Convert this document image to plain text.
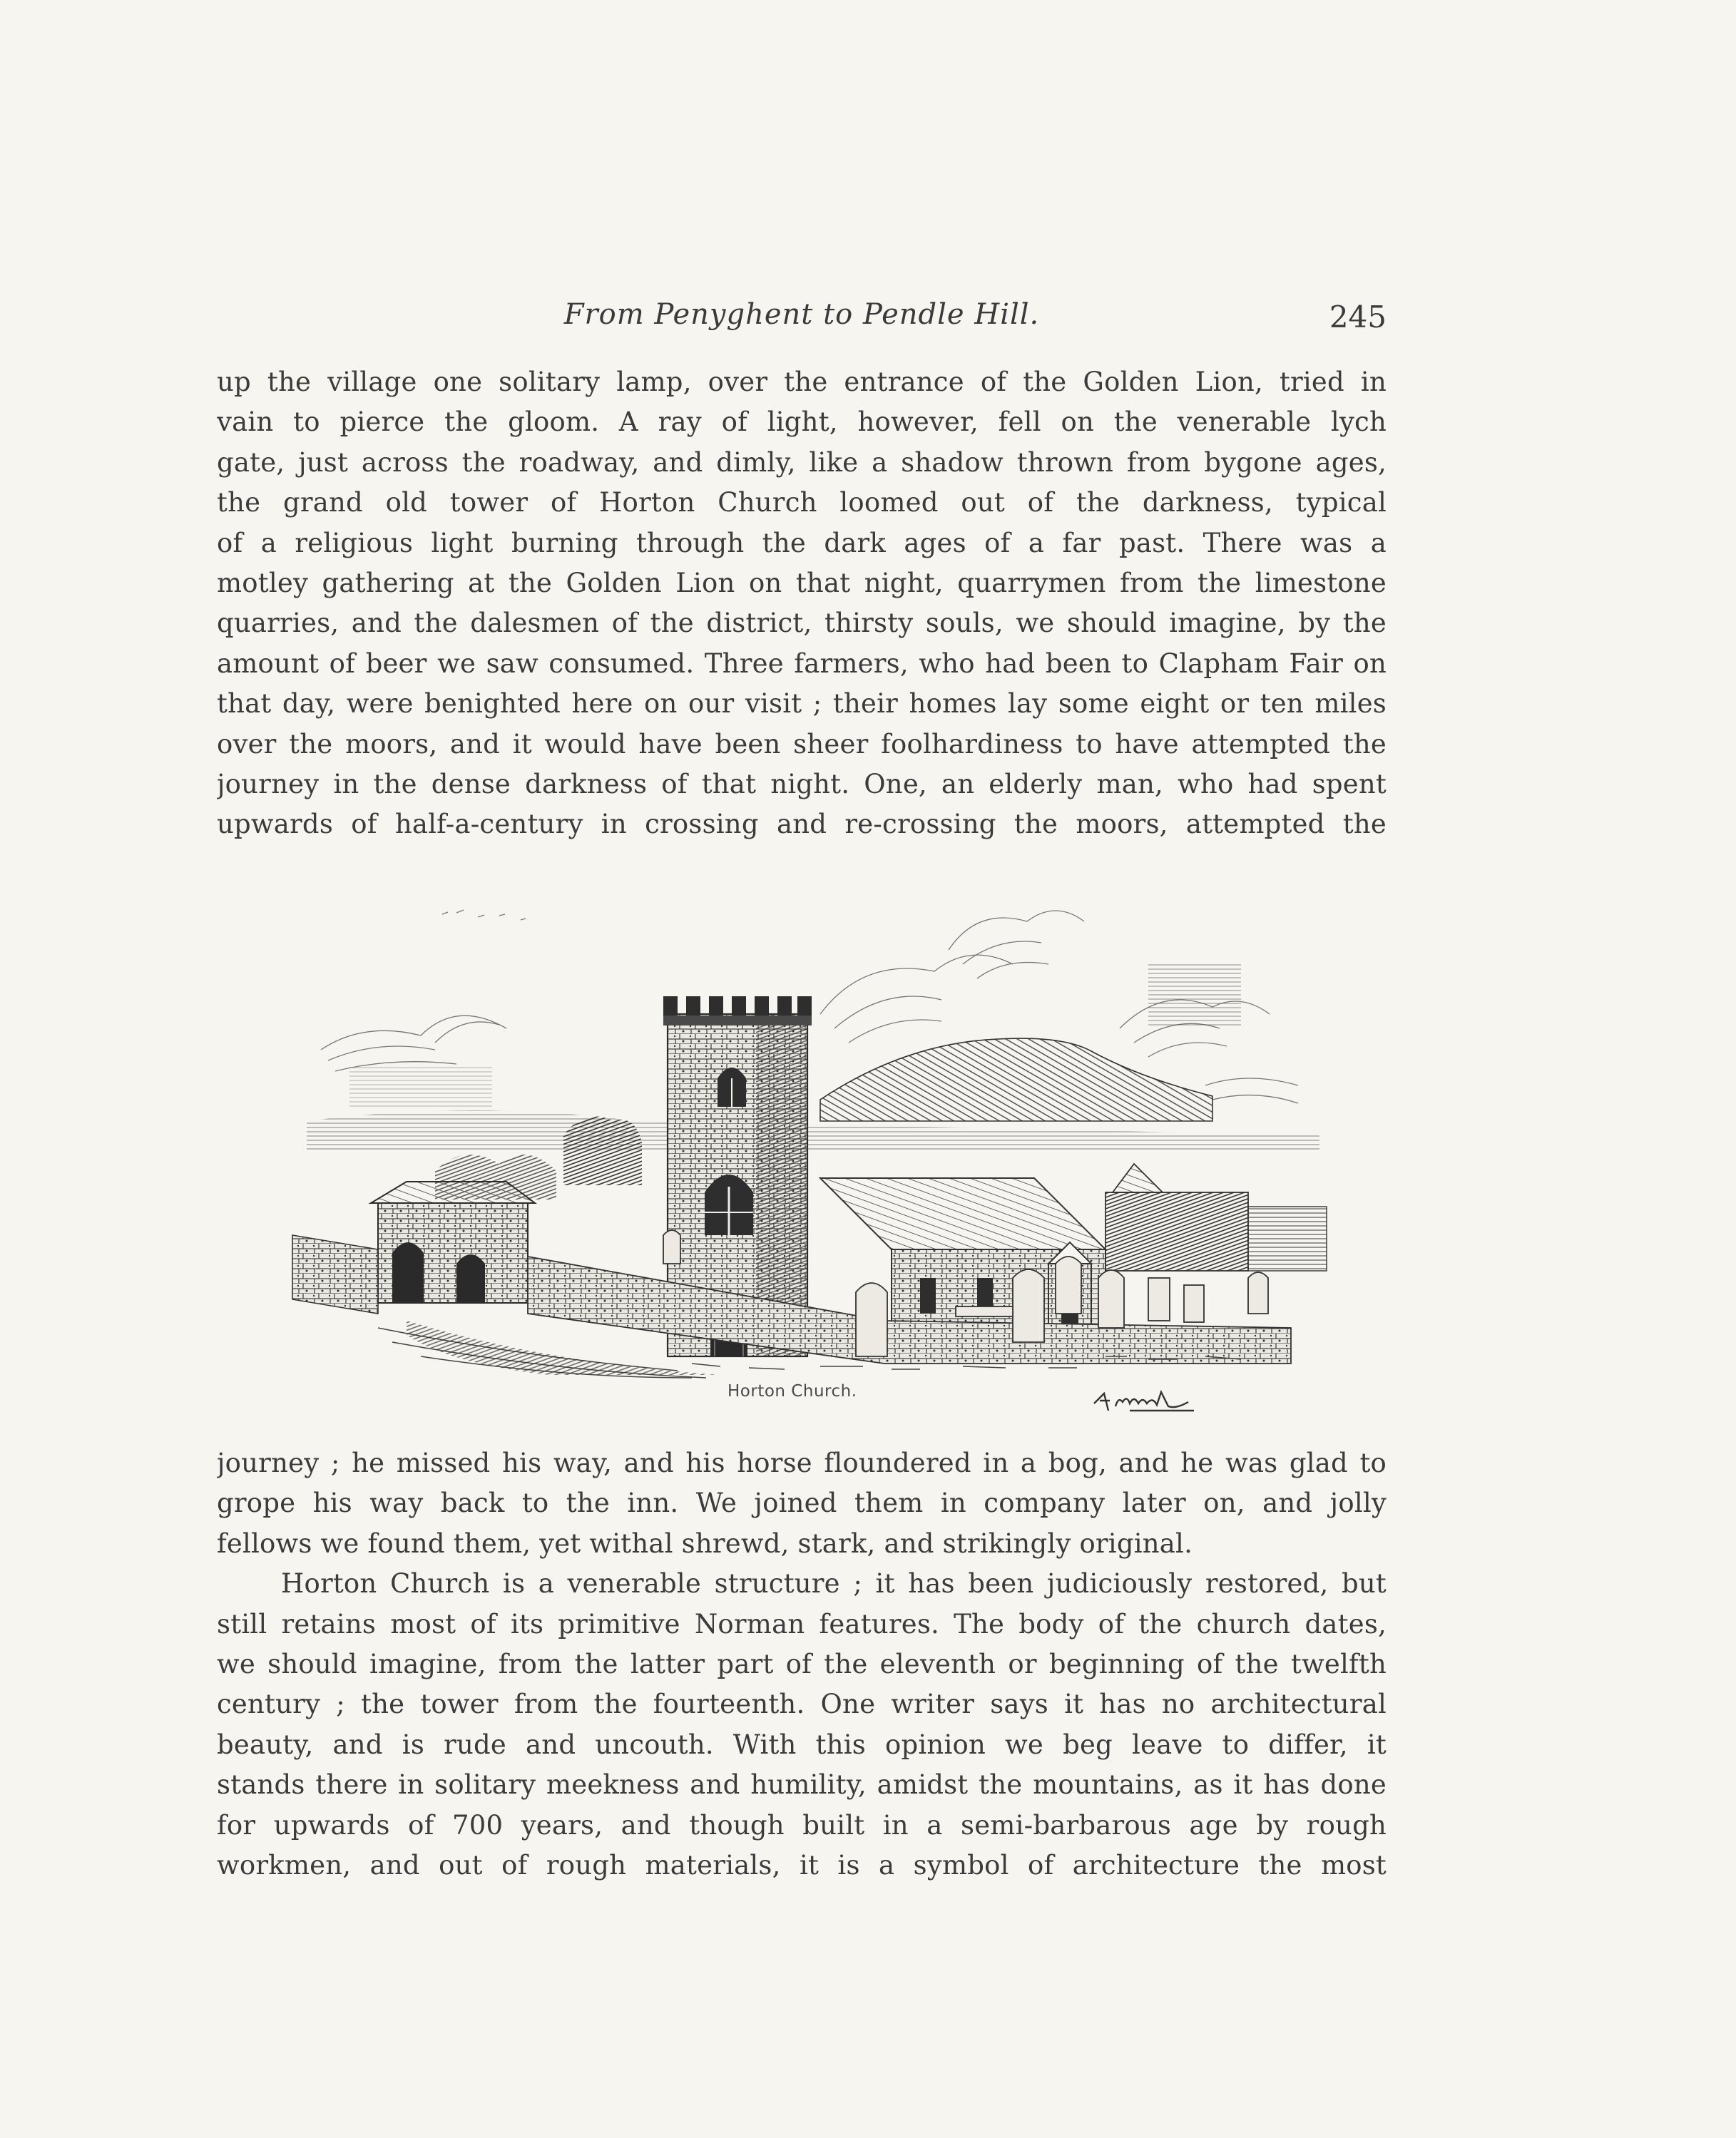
From Penyghent to Pendle Hill.	245
up the village one solitary lamp, over the entrance of the Golden Lion, tried in
vain to pierce the gloom. A ray of light, however, fell on the venerable lych
gate, just across the roadway, and dimly, like a shadow thrown from bygone ages,
the grand old tower of Horton Church loomed out of the darkness, typical
of a religious light burning through the dark ages of a far past. There was a
motley gathering at the Golden Lion on that night, quarrymen from the limestone
quarries, and the dalesmen of the district, thirsty souls, we should imagine, by the
amount of beer we saw consumed. Three farmers, who had been to Clapham Fair on
that day, were benighted here on our visit ; their homes lay some eight or ten miles
over the moors, and it would have been sheer foolhardiness to have attempted the
journey in the dense darkness of that night. One, an elderly man, who had spent
upwards of half-a-century in crossing and re-crossing the moors, attempted the
Horton Church.
journey ; he missed his way, and his horse floundered in a bog, and he was glad to
grope his way back to the inn. We joined them in company later on, and jolly
fellows we found them, yet withal shrewd, stark, and strikingly original.
Horton Church is a venerable structure ; it has been judiciously restored, but
still retains most of its primitive Norman features. The body of the church dates,
we should imagine, from the latter part of the eleventh or beginning of the twelfth
century ; the tower from the fourteenth. One writer says it has no architectural
beauty, and is rude and uncouth. With this opinion we beg leave to differ, it
stands there in solitary meekness and humility, amidst the mountains, as it has done
for upwards of 700 years, and though built in a semi-barbarous age by rough
workmen, and out of rough materials, it is a symbol of architecture the most
